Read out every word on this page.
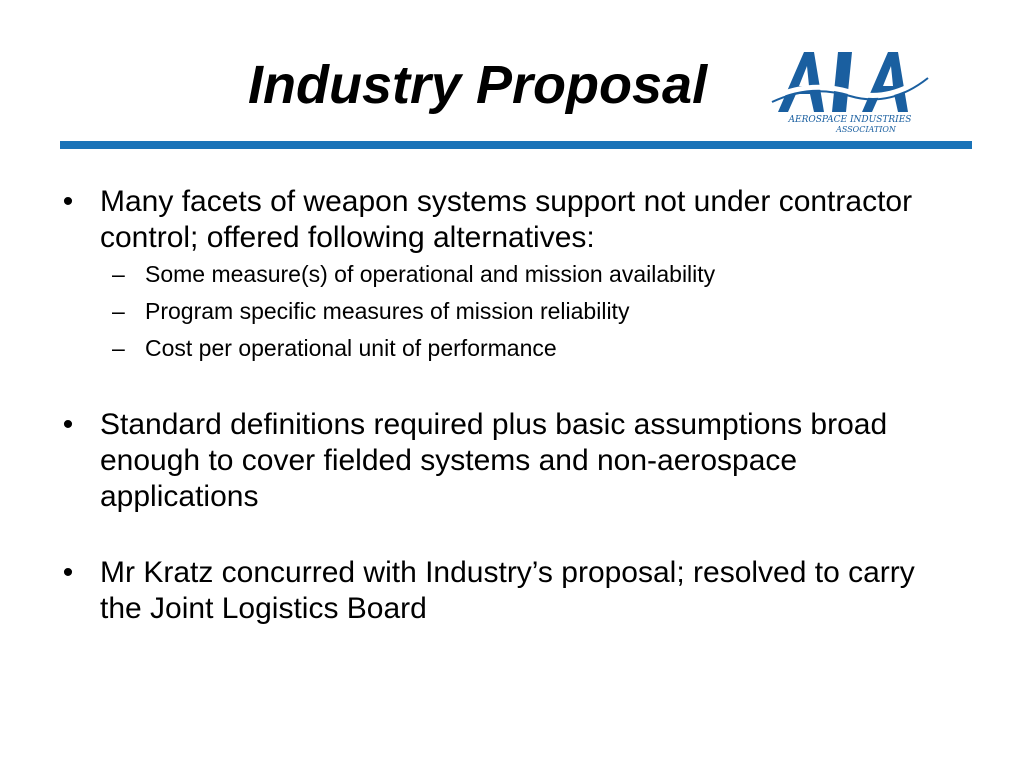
Industry Proposal
AEROSPACE INDUSTRIES
ASSOCIATION

• Many facets of weapon systems support not under contractor control; offered following alternatives:

– Some measure(s) of operational and mission availability

– Program specific measures of mission reliability

– Cost per operational unit of performance

• Standard definitions required plus basic assumptions broad enough to cover fielded systems and non-aerospace applications

• Mr Kratz concurred with Industry’s proposal; resolved to carry the Joint Logistics Board
